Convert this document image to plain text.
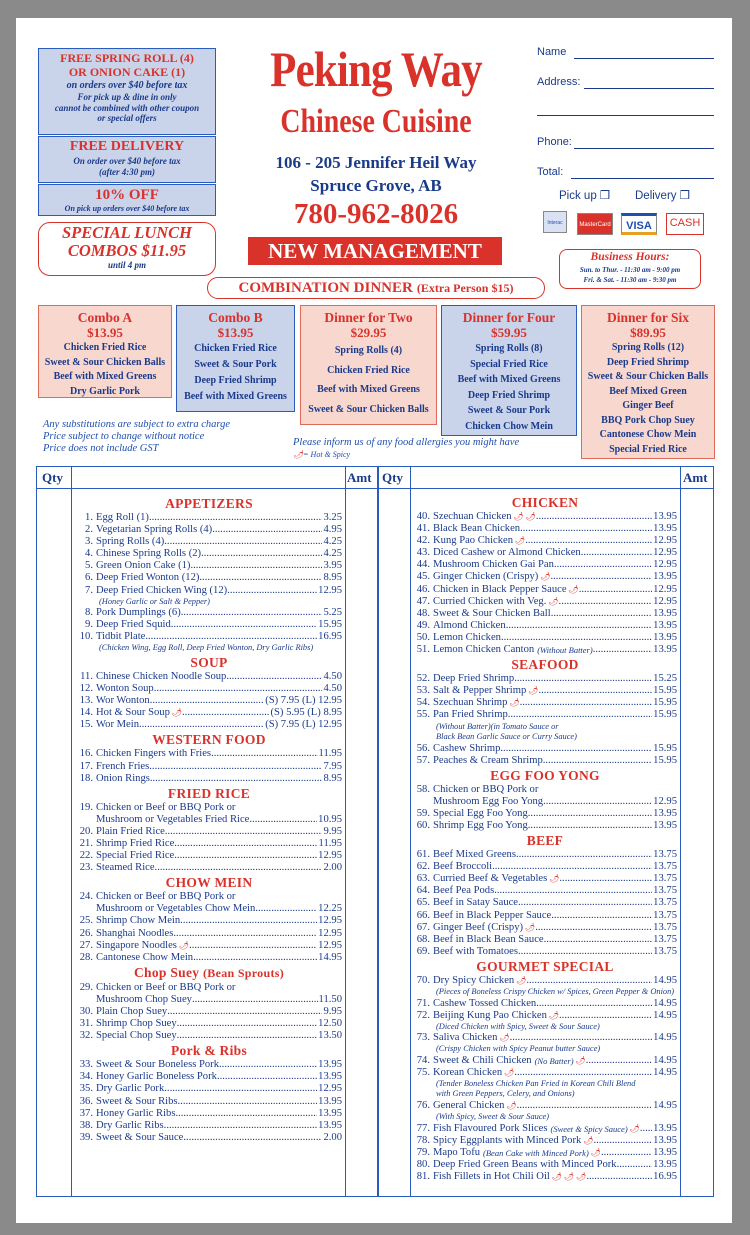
FREE SPRING ROLL (4)
OR ONION CAKE (1)
on orders over $40 before tax
For pick up & dine in only
cannot be combined with other coupon
or special offers
FREE DELIVERY
On order over $40 before tax
(after 4:30 pm)
10% OFF
On pick up orders over $40 before tax
SPECIAL LUNCH
COMBOS $11.95
until 4 pm
Peking Way
Chinese Cuisine
106 - 205 Jennifer Heil Way
Spruce Grove, AB
780-962-8026
NEW MANAGEMENT
Name
Address:
Phone:
Total:
Pick up ❒ Delivery ❒
Interac	MasterCard	VISA	CASH
Business Hours:
Sun. to Thur. - 11:30 am - 9:00 pm
Fri. & Sat. - 11:30 am - 9:30 pm
COMBINATION DINNER (Extra Person $15)
Combo A
$13.95
Chicken Fried Rice
Sweet & Sour Chicken Balls
Beef with Mixed Greens
Dry Garlic Pork
Combo B
$13.95
Chicken Fried Rice
Sweet & Sour Pork
Deep Fried Shrimp
Beef with Mixed Greens
Dinner for Two
$29.95
Spring Rolls (4)
Chicken Fried Rice
Beef with Mixed Greens
Sweet & Sour Chicken Balls
Dinner for Four
$59.95
Spring Rolls (8)
Special Fried Rice
Beef with Mixed Greens
Deep Fried Shrimp
Sweet & Sour Pork
Chicken Chow Mein
Dinner for Six
$89.95
Spring Rolls (12)
Deep Fried Shrimp
Sweet & Sour Chicken Balls
Beef Mixed Green
Ginger Beef
BBQ Pork Chop Suey
Cantonese Chow Mein
Special Fried Rice
Any substitutions are subject to extra charge
Price subject to change without notice
Price does not include GST
Please inform us of any food allergies you might have
🌶= Hot & Spicy
Qty	Amt Qty	Amt
APPETIZERS
1. Egg Roll (1) .....	3.25
2. Vegetarian Spring Rolls (4) .....	4.95
3. Spring Rolls (4) .....	4.25
4. Chinese Spring Rolls (2) .....	4.25
5. Green Onion Cake (1) .....	3.95
6. Deep Fried Wonton (12) .....	8.95
7. Deep Fried Chicken Wing (12) .....	12.95
(Honey Garlic or Salt & Pepper)
8. Pork Dumplings (6) .....	5.25
9. Deep Fried Squid .....	15.95
10. Tidbit Plate .....	16.95
(Chicken Wing, Egg Roll, Deep Fried Wonton, Dry Garlic Ribs)
SOUP
11. Chinese Chicken Noodle Soup .....	4.50
12. Wonton Soup .....	4.50
13. Wor Wonton .....	(S) 7.95 (L) 12.95
14. Hot & Sour Soup 🌶 .....	(S) 5.95 (L) 8.95
15. Wor Mein .....	(S) 7.95 (L) 12.95
WESTERN FOOD
16. Chicken Fingers with Fries .....	11.95
17. French Fries .....	7.95
18. Onion Rings .....	8.95
FRIED RICE
19. Chicken or Beef or BBQ Pork or
Mushroom or Vegetables Fried Rice .....	10.95
20. Plain Fried Rice .....	9.95
21. Shrimp Fried Rice .....	11.95
22. Special Fried Rice .....	12.95
23. Steamed Rice .....	2.00
CHOW MEIN
24. Chicken or Beef or BBQ Pork or
Mushroom or Vegetables Chow Mein .....	12.25
25. Shrimp Chow Mein .....	12.95
26. Shanghai Noodles .....	12.95
27. Singapore Noodles 🌶 .....	12.95
28. Cantonese Chow Mein .....	14.95
Chop Suey (Bean Sprouts)
29. Chicken or Beef or BBQ Pork or
Mushroom Chop Suey .....	11.50
30. Plain Chop Suey .....	9.95
31. Shrimp Chop Suey .....	12.50
32. Special Chop Suey .....	13.50
Pork & Ribs
33. Sweet & Sour Boneless Pork .....	13.95
34. Honey Garlic Boneless Pork .....	13.95
35. Dry Garlic Pork .....	12.95
36. Sweet & Sour Ribs .....	13.95
37. Honey Garlic Ribs .....	13.95
38. Dry Garlic Ribs .....	13.95
39. Sweet & Sour Sauce .....	2.00
CHICKEN
40. Szechuan Chicken 🌶 🌶 .....	13.95
41. Black Bean Chicken .....	13.95
42. Kung Pao Chicken 🌶 .....	12.95
43. Diced Cashew or Almond Chicken .....	12.95
44. Mushroom Chicken Gai Pan .....	12.95
45. Ginger Chicken (Crispy) 🌶 .....	13.95
46. Chicken in Black Pepper Sauce 🌶 .....	12.95
47. Curried Chicken with Veg. 🌶 .....	12.95
48. Sweet & Sour Chicken Ball .....	13.95
49. Almond Chicken .....	13.95
50. Lemon Chicken .....	13.95
51. Lemon Chicken Canton (Without Batter) .....	13.95
SEAFOOD
52. Deep Fried Shrimp .....	15.25
53. Salt & Pepper Shrimp 🌶 .....	15.95
54. Szechuan Shrimp 🌶 .....	15.95
55. Pan Fried Shrimp .....	15.95
(Without Batter)(in Tomato Sauce or
Black Bean Garlic Sauce or Curry Sauce)
56. Cashew Shrimp .....	15.95
57. Peaches & Cream Shrimp .....	15.95
EGG FOO YONG
58. Chicken or BBQ Pork or
Mushroom Egg Foo Yong .....	12.95
59. Special Egg Foo Yong .....	13.95
60. Shrimp Egg Foo Yong .....	13.95
BEEF
61. Beef Mixed Greens .....	13.75
62. Beef Broccoli .....	13.75
63. Curried Beef & Vegetables 🌶 .....	13.75
64. Beef Pea Pods .....	13.75
65. Beef in Satay Sauce .....	13.75
66. Beef in Black Pepper Sauce .....	13.75
67. Ginger Beef (Crispy) 🌶 .....	13.75
68. Beef in Black Bean Sauce .....	13.75
69. Beef with Tomatoes .....	13.75
GOURMET SPECIAL
70. Dry Spicy Chicken 🌶 .....	14.95
(Pieces of Boneless Crispy Chicken w/ Spices, Green Pepper & Onion)
71. Cashew Tossed Chicken .....	14.95
72. Beijing Kung Pao Chicken 🌶 .....	14.95
(Diced Chicken with Spicy, Sweet & Sour Sauce)
73. Saliva Chicken 🌶 .....	14.95
(Crispy Chicken with Spicy Peanut butter Sauce)
74. Sweet & Chili Chicken (No Batter) 🌶 .....	14.95
75. Korean Chicken 🌶 .....	14.95
(Tender Boneless Chicken Pan Fried in Korean Chili Blend
with Green Peppers, Celery, and Onions)
76. General Chicken 🌶 .....	14.95
(With Spicy, Sweet & Sour Sauce)
77. Fish Flavoured Pork Slices (Sweet & Spicy Sauce) 🌶 ..... 13.95
78. Spicy Eggplants with Minced Pork 🌶 .....	13.95
79. Mapo Tofu (Bean Cake with Minced Pork) 🌶 .....	13.95
80. Deep Fried Green Beans with Minced Pork .....	13.95
81. Fish Fillets in Hot Chili Oil 🌶 🌶 🌶 .....	16.95
